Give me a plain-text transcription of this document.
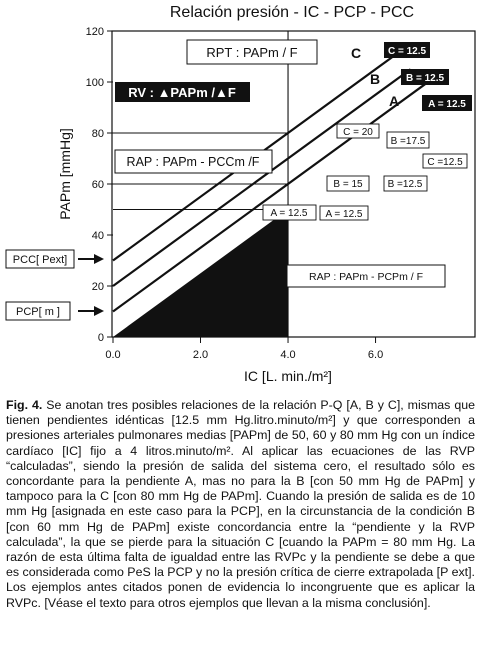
Relación presión - IC - PCP - PCC
C
B
A
C = 12.5
B = 12.5
A = 12.5
RPT : PAPm / F
RV : ▲PAPm /▲F
RAP : PAPm - PCCm /F
RAP : PAPm - PCPm / F
C = 20
B =17.5
C =12.5
B = 15	B =12.5
A = 12.5 A = 12.5
PCC[ Pext]
PCP[ m ]
0
20
40
60
80
100
120
0.0	2.0	4.0	6.0
PAPm [mmHg]
IC [L. min./m²]

Fig. 4. Se anotan tres posibles relaciones de la relación P-Q [A, B y C], mismas que tienen pendientes idénticas [12.5 mm Hg.litro.minuto/m²] y que corresponden a presiones arteriales pulmonares medias [PAPm] de 50, 60 y 80 mm Hg con un índice cardíaco [IC] fijo a 4 litros.minuto/m². Al aplicar las ecuaciones de las RVP “calculadas”, siendo la presión de salida del sistema cero, el resultado sólo es concordante para la pendiente A, mas no para la B [con 50 mm Hg de PAPm] y tampoco para la C [con 80 mm Hg de PAPm]. Cuando la presión de salida es de 10 mm Hg [asignada en este caso para la PCP], en la circunstancia de la condición B [con 60 mm Hg de PAPm] existe concordancia entre la “pendiente y la RVP calculada”, la que se pierde para la situación C [cuando la PAPm = 80 mm Hg. La razón de esta última falta de igualdad entre las RVPc y la pendiente se debe a que es considerada como PeS la PCP y no la presión crítica de cierre extrapolada [P ext]. Los ejemplos antes citados ponen de evidencia lo incongruente que es aplicar la RVPc. [Véase el texto para otros ejemplos que llevan a la misma conclusión].
